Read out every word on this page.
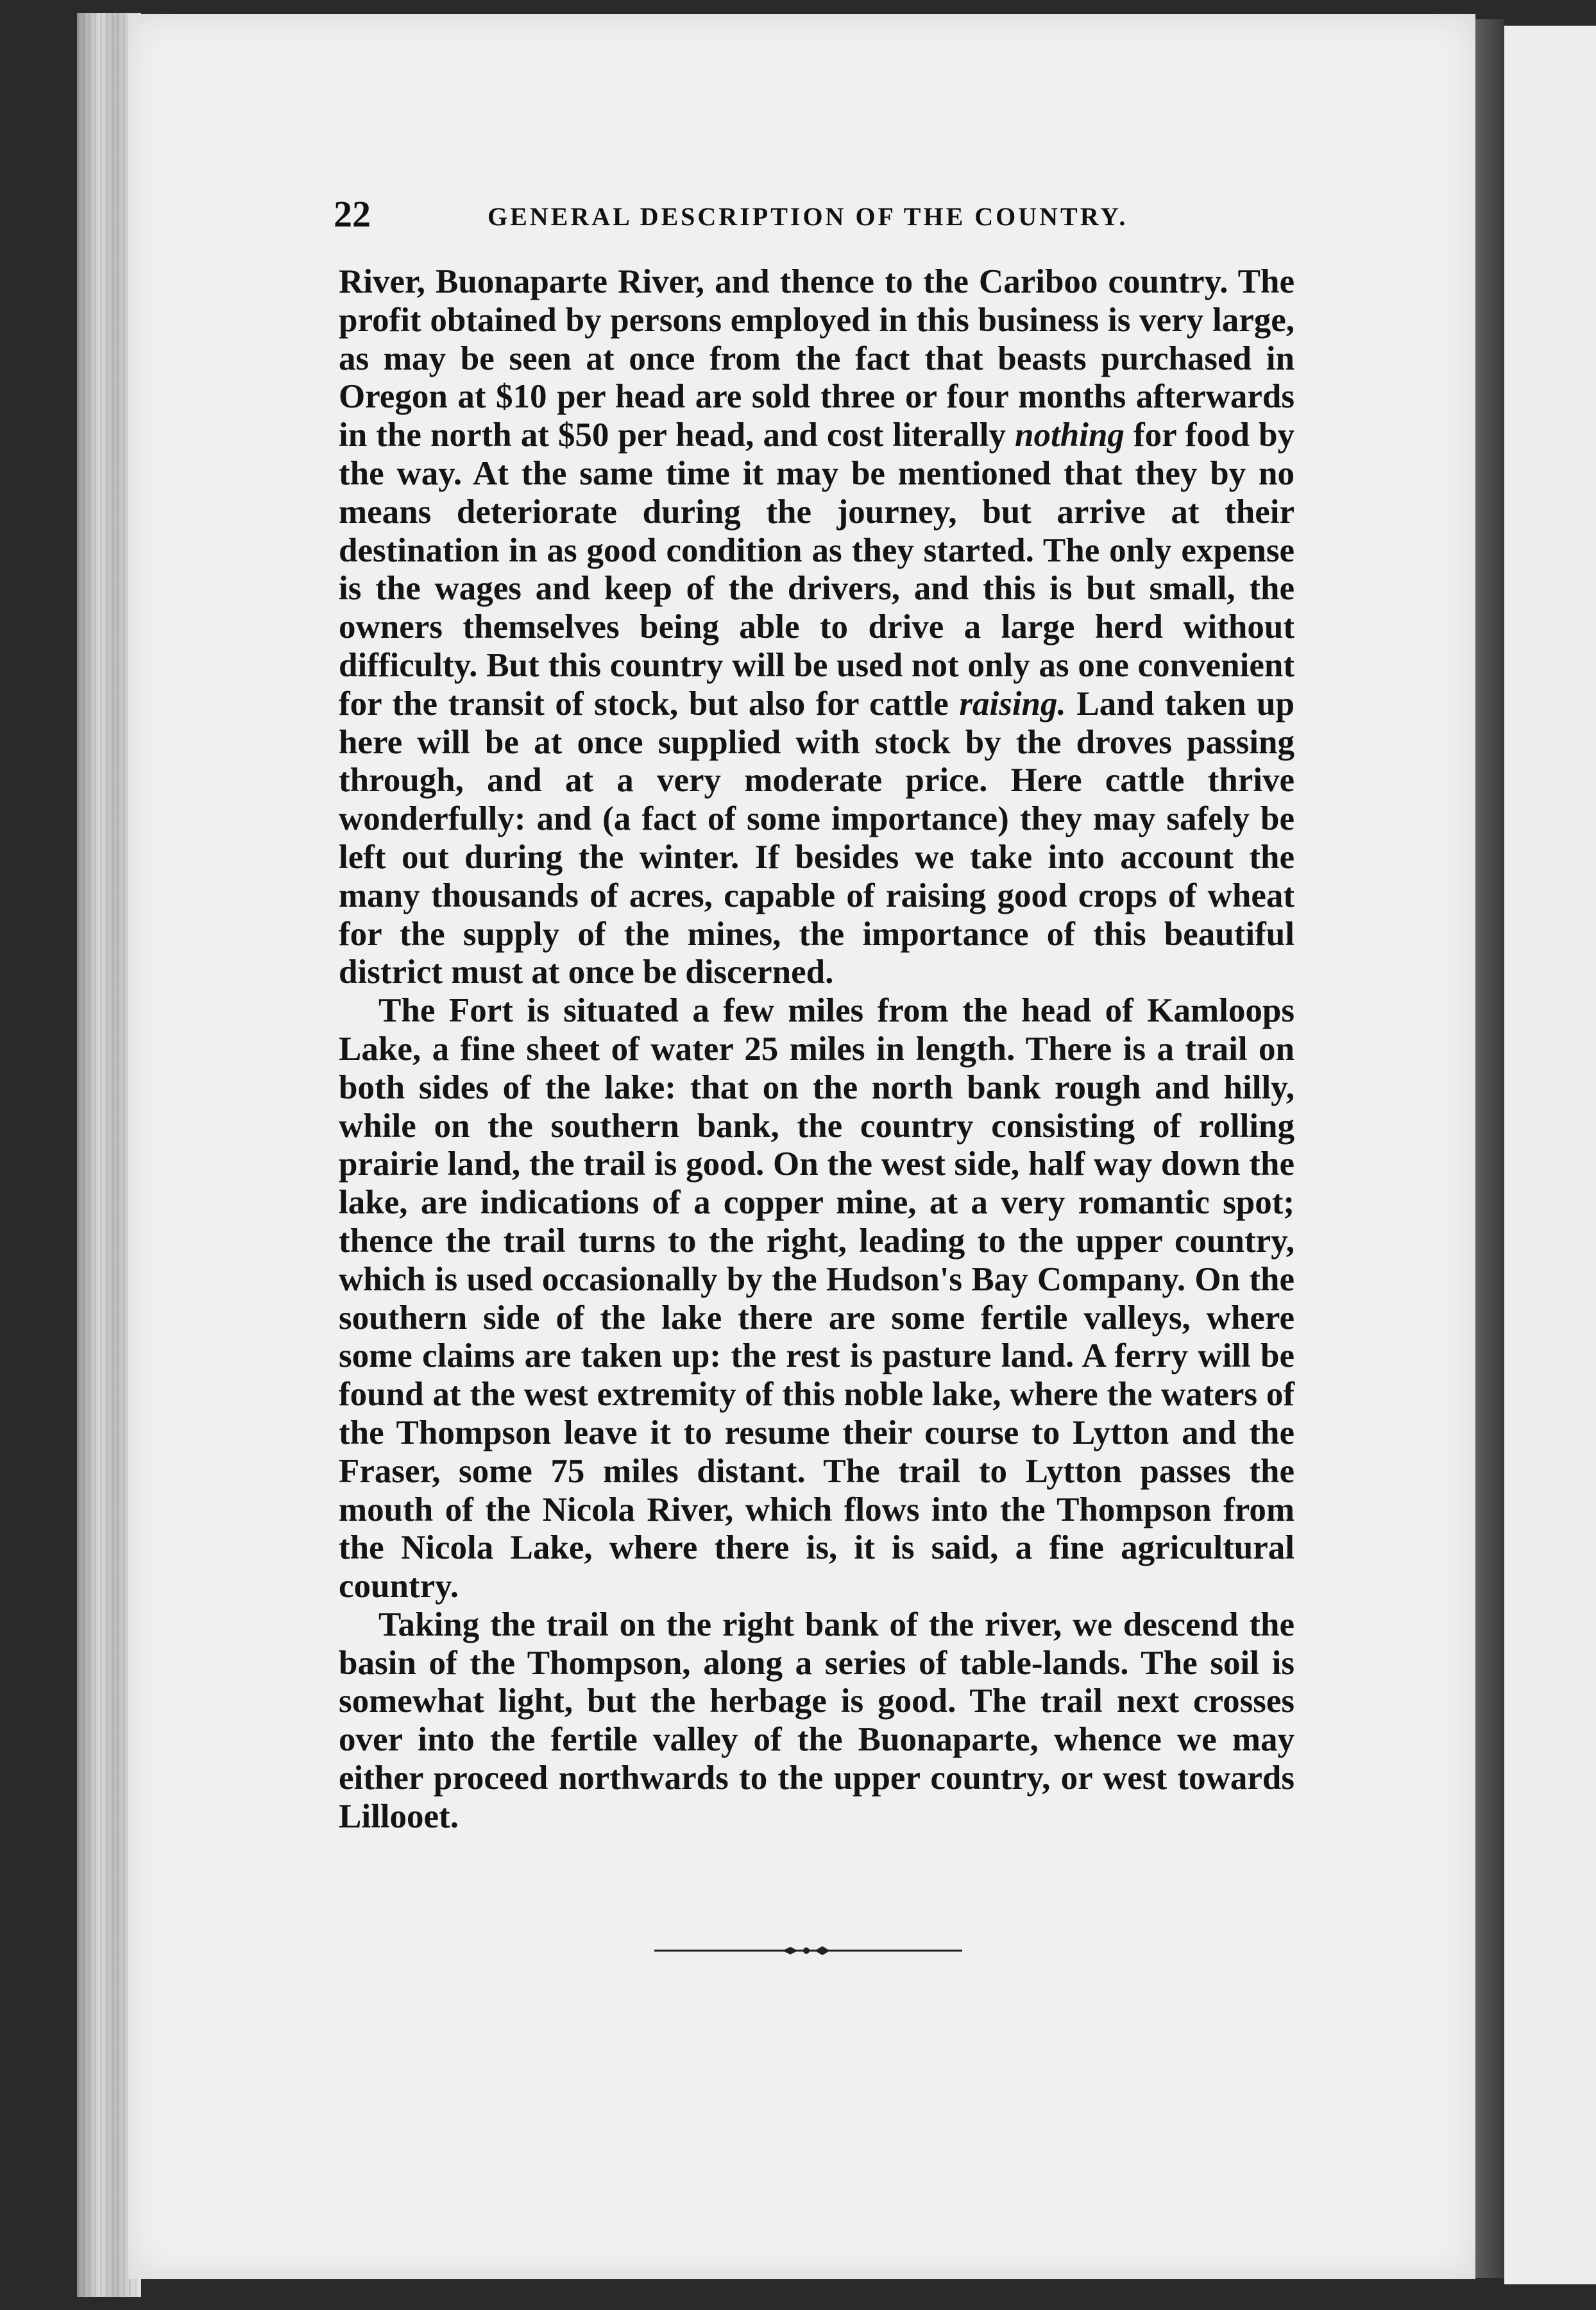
22	GENERAL DESCRIPTION OF THE COUNTRY.

River, Buonaparte River, and thence to the Cariboo country. The profit obtained by persons employed in this business is very large, as may be seen at once from the fact that beasts purchased in Oregon at $10 per head are sold three or four months afterwards in the north at $50 per head, and cost literally nothing for food by the way. At the same time it may be mentioned that they by no means deteriorate during the journey, but arrive at their destination in as good condition as they started. The only expense is the wages and keep of the drivers, and this is but small, the owners themselves being able to drive a large herd without difficulty. But this country will be used not only as one convenient for the transit of stock, but also for cattle raising. Land taken up here will be at once supplied with stock by the droves passing through, and at a very moderate price. Here cattle thrive wonderfully: and (a fact of some importance) they may safely be left out during the winter. If besides we take into account the many thousands of acres, capable of raising good crops of wheat for the supply of the mines, the importance of this beautiful district must at once be discerned.

The Fort is situated a few miles from the head of Kamloops Lake, a fine sheet of water 25 miles in length. There is a trail on both sides of the lake: that on the north bank rough and hilly, while on the southern bank, the country consisting of rolling prairie land, the trail is good. On the west side, half way down the lake, are indications of a copper mine, at a very romantic spot; thence the trail turns to the right, leading to the upper country, which is used occasionally by the Hudson's Bay Company. On the southern side of the lake there are some fertile valleys, where some claims are taken up: the rest is pasture land. A ferry will be found at the west extremity of this noble lake, where the waters of the Thompson leave it to resume their course to Lytton and the Fraser, some 75 miles distant. The trail to Lytton passes the mouth of the Nicola River, which flows into the Thompson from the Nicola Lake, where there is, it is said, a fine agricultural country.

Taking the trail on the right bank of the river, we descend the basin of the Thompson, along a series of table-lands. The soil is somewhat light, but the herbage is good. The trail next crosses over into the fertile valley of the Buonaparte, whence we may either proceed northwards to the upper country, or west towards Lillooet.
